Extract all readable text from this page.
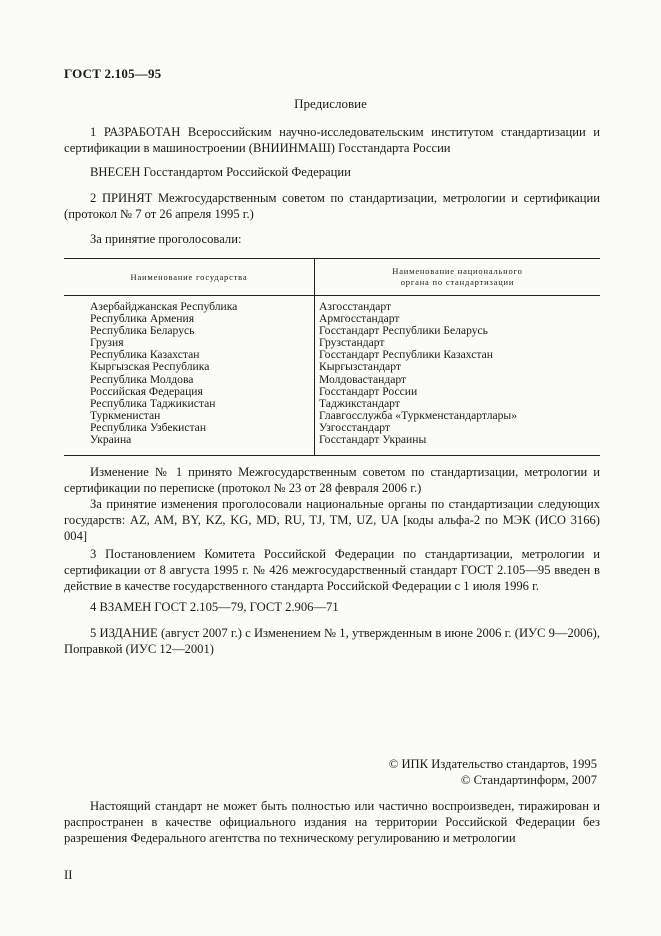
ГОСТ 2.105—95
Предисловие
1 РАЗРАБОТАН Всероссийским научно-исследовательским институтом стандартизации и сертификации в машиностроении (ВНИИНМАШ) Госстандарта России
ВНЕСЕН Госстандартом Российской Федерации
2 ПРИНЯТ Межгосударственным советом по стандартизации, метрологии и сертификации (протокол № 7 от 26 апреля 1995 г.)
За принятие проголосовали:
Наименование государства
Наименование национального органа по стандартизации
Азербайджанская Республика
Республика Армения
Республика Беларусь
Грузия
Республика Казахстан
Кыргызская Республика
Республика Молдова
Российская Федерация
Республика Таджикистан
Туркменистан
Республика Узбекистан
Украина
Азгосстандарт
Армгосстандарт
Госстандарт Республики Беларусь
Грузстандарт
Госстандарт Республики Казахстан
Кыргызстандарт
Молдовастандарт
Госстандарт России
Таджикстандарт
Главгосслужба «Туркменстандартлары»
Узгосстандарт
Госстандарт Украины
Изменение № 1 принято Межгосударственным советом по стандартизации, метрологии и сертификации по переписке (протокол № 23 от 28 февраля 2006 г.)
За принятие изменения проголосовали национальные органы по стандартизации следующих государств: AZ, AM, BY, KZ, KG, MD, RU, TJ, TM, UZ, UA [коды альфа-2 по МЭК (ИСО 3166) 004]
3 Постановлением Комитета Российской Федерации по стандартизации, метрологии и сертификации от 8 августа 1995 г. № 426 межгосударственный стандарт ГОСТ 2.105—95 введен в действие в качестве государственного стандарта Российской Федерации с 1 июля 1996 г.
4 ВЗАМЕН ГОСТ 2.105—79, ГОСТ 2.906—71
5 ИЗДАНИЕ (август 2007 г.) с Изменением № 1, утвержденным в июне 2006 г. (ИУС 9—2006), Поправкой (ИУС 12—2001)
© ИПК Издательство стандартов, 1995
© Стандартинформ, 2007
Настоящий стандарт не может быть полностью или частично воспроизведен, тиражирован и распространен в качестве официального издания на территории Российской Федерации без разрешения Федерального агентства по техническому регулированию и метрологии
II
